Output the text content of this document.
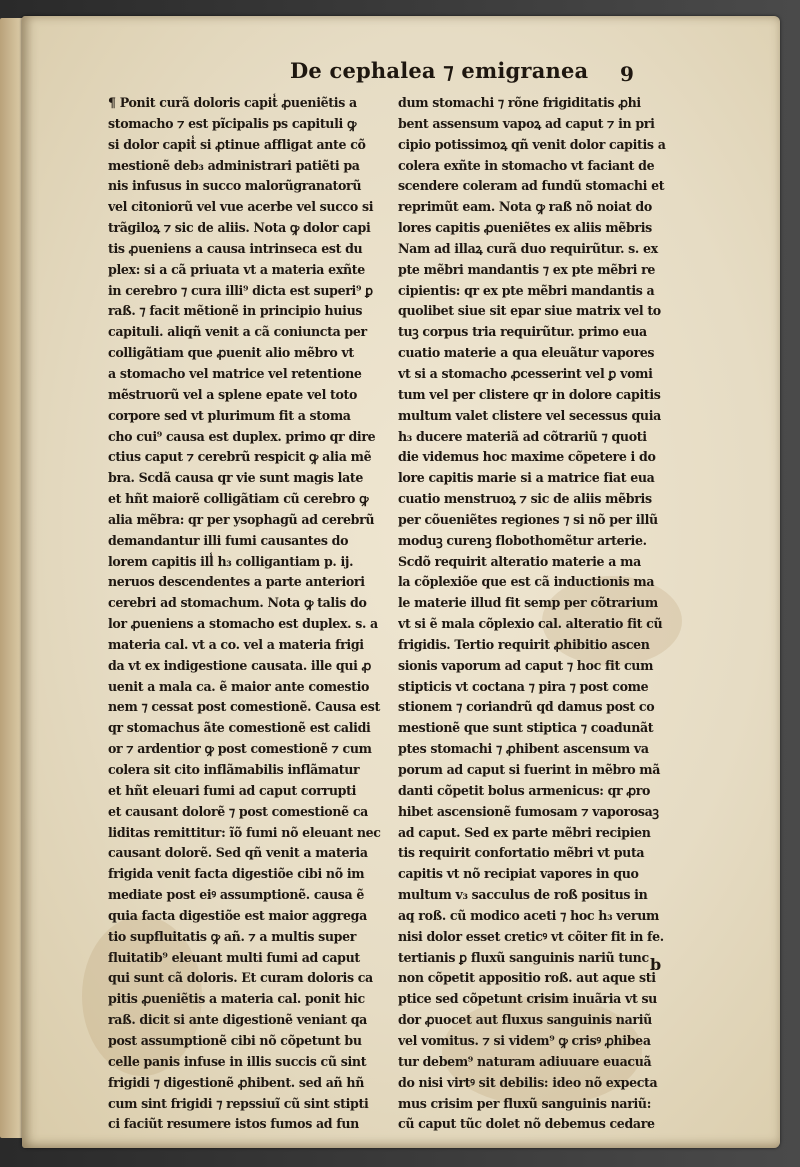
De cephalea ⁊ emigranea 9
¶ Ponit curã doloris capit̾ ꝓueniẽtis a
stomacho ⁊ est pĩcipalis ps capituli ꝙ
si dolor capit̾ si ꝓtinue affligat ante cõ
mestionẽ deb₃ administrari patiẽti pa
nis infusus in succo malorũgranatorũ
vel citoniorũ vel vue acerbe vel succo si
trãgiloꝝ ⁊ sic de aliis. Nota ꝙ dolor capi
tis ꝓueniens a causa intrinseca est du
plex: si a cã priuata vt a materia exñte
in cerebro ⁊ cura illi⁹ dicta est superi⁹ ꝑ
raß. ⁊ facit mẽtionẽ in principio huius
capituli. aliqñ venit a cã coniuncta per
colligãtiam que ꝓuenit alio mẽbro vt
a stomacho vel matrice vel retentione
mẽstruorũ vel a splene epate vel toto
corpore sed vt plurimum fit a stoma
cho cui⁹ causa est duplex. primo qr dire
ctius caput ⁊ cerebrũ respicit ꝙ alia mẽ
bra. Scdã causa qr vie sunt magis late
et hñt maiorẽ colligãtiam cũ cerebro ꝙ
alia mẽbra: qr per ysophagũ ad cerebrũ
demandantur illi fumi causantes do
lorem capitis ill̾ h₃ colligantiam p. ij.
neruos descendentes a parte anteriori
cerebri ad stomachum. Nota ꝙ talis do
lor ꝓueniens a stomacho est duplex. s. a
materia cal. vt a co. vel a materia frigi
da vt ex indigestione causata. ille qui ꝓ
uenit a mala ca. ẽ maior ante comestio
nem ⁊ cessat post comestionẽ. Causa est
qr stomachus ãte comestionẽ est calidi
or ⁊ ardentior ꝙ post comestionẽ ⁊ cum
colera sit cito inflãmabilis inflãmatur
et hñt eleuari fumi ad caput corrupti
et causant dolorẽ ⁊ post comestionẽ ca
liditas remittitur: ĩõ fumi nõ eleuant nec
causant dolorẽ. Sed qñ venit a materia
frigida venit facta digestiõe cibi nõ im
mediate post eiꝰ assumptionẽ. causa ẽ
quia facta digestiõe est maior aggrega
tio supfluitatis ꝙ añ. ⁊ a multis super
fluitatib⁹ eleuant multi fumi ad caput
qui sunt cã doloris. Et curam doloris ca
pitis ꝓueniẽtis a materia cal. ponit hic
raß. dicit si ante digestionẽ veniant qa
post assumptionẽ cibi nõ cõpetunt bu
celle panis infuse in illis succis cũ sint
frigidi ⁊ digestionẽ ꝓhibent. sed añ hñ
cum sint frigidi ⁊ repssiuĩ cũ sint stipti
ci faciũt resumere istos fumos ad fun
dum stomachi ⁊ rõne frigiditatis ꝓhi
bent assensum vapoꝝ ad caput ⁊ in pri
cipio potissimoꝝ qñ venit dolor capitis a
colera exñte in stomacho vt faciant de
scendere coleram ad fundũ stomachi et
reprimũt eam. Nota ꝙ raß nõ noiat do
lores capitis ꝓueniẽtes ex aliis mẽbris
Nam ad illaꝝ curã duo requirũtur. s. ex
pte mẽbri mandantis ⁊ ex pte mẽbri re
cipientis: qr ex pte mẽbri mandantis a
quolibet siue sit epar siue matrix vel to
tuꝫ corpus tria requirũtur. primo eua
cuatio materie a qua eleuãtur vapores
vt si a stomacho ꝓcesserint vel ꝑ vomi
tum vel per clistere qr in dolore capitis
multum valet clistere vel secessus quia
h₃ ducere materiã ad cõtrariũ ⁊ quoti
die videmus hoc maxime cõpetere i do
lore capitis marie si a matrice fiat eua
cuatio menstruoꝝ ⁊ sic de aliis mẽbris
per cõueniẽtes regiones ⁊ si nõ per illũ
moduꝫ curenꝫ flobothomẽtur arterie.
Scdõ requirit alteratio materie a ma
la cõplexiõe que est cã inductionis ma
le materie illud fit semp per cõtrarium
vt si ẽ mala cõplexio cal. alteratio fit cũ
frigidis. Tertio requirit ꝓhibitio ascen
sionis vaporum ad caput ⁊ hoc fit cum
stipticis vt coctana ⁊ pira ⁊ post come
stionem ⁊ coriandrũ qd damus post co
mestionẽ que sunt stiptica ⁊ coadunãt
ptes stomachi ⁊ ꝓhibent ascensum va
porum ad caput si fuerint in mẽbro mã
danti cõpetit bolus armenicus: qr ꝓro
hibet ascensionẽ fumosam ⁊ vaporosaꝫ
ad caput. Sed ex parte mẽbri recipien
tis requirit confortatio mẽbri vt puta
capitis vt nõ recipiat vapores in quo
multum v₃ sacculus de roß positus in
aq roß. cũ modico aceti ⁊ hoc h₃ verum
nisi dolor esset creticꝰ vt cõiter fit in fe.
tertianis ꝑ fluxũ sanguinis nariũ tunc
non cõpetit appositio roß. aut aque sti
ptice sed cõpetunt crisim inuãria vt su
dor ꝓuocet aut fluxus sanguinis nariũ
vel vomitus. ⁊ si videm⁹ ꝙ crisꝰ ꝓhibea
tur debem⁹ naturam adiuuare euacuã
do nisi virtꝰ sit debilis: ideo nõ expecta
mus crisim per fluxũ sanguinis nariũ:
cũ caput tũc dolet nõ debemus cedare
b
